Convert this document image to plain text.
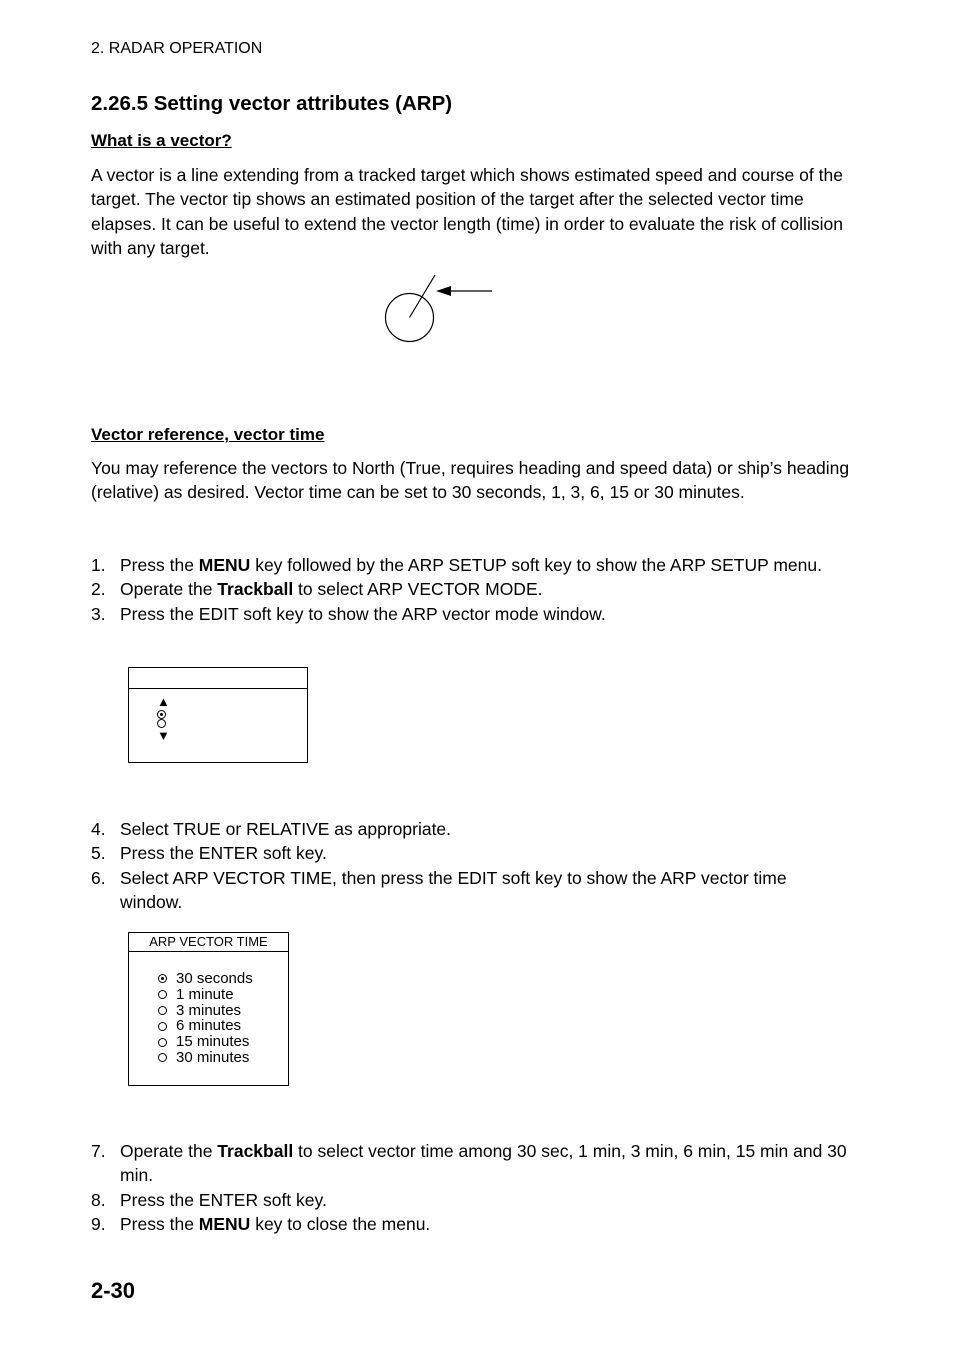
2. RADAR OPERATION
2.26.5 Setting vector attributes (ARP)
What is a vector?
A vector is a line extending from a tracked target which shows estimated speed and course of the target. The vector tip shows an estimated position of the target after the selected vector time elapses. It can be useful to extend the vector length (time) in order to evaluate the risk of collision with any target.
Vector reference, vector time
You may reference the vectors to North (True, requires heading and speed data) or ship’s heading (relative) as desired. Vector time can be set to 30 seconds, 1, 3, 6, 15 or 30 minutes.
1. Press the MENU key followed by the ARP SETUP soft key to show the ARP SETUP menu.
2. Operate the Trackball to select ARP VECTOR MODE.
3. Press the EDIT soft key to show the ARP vector mode window.
▲
▼
4. Select TRUE or RELATIVE as appropriate.
5. Press the ENTER soft key.
6. Select ARP VECTOR TIME, then press the EDIT soft key to show the ARP vector time window.
ARP VECTOR TIME
30 seconds
1 minute
3 minutes
6 minutes
15 minutes
30 minutes
7. Operate the Trackball to select vector time among 30 sec, 1 min, 3 min, 6 min, 15 min and 30 min.
8. Press the ENTER soft key.
9. Press the MENU key to close the menu.
2-30
